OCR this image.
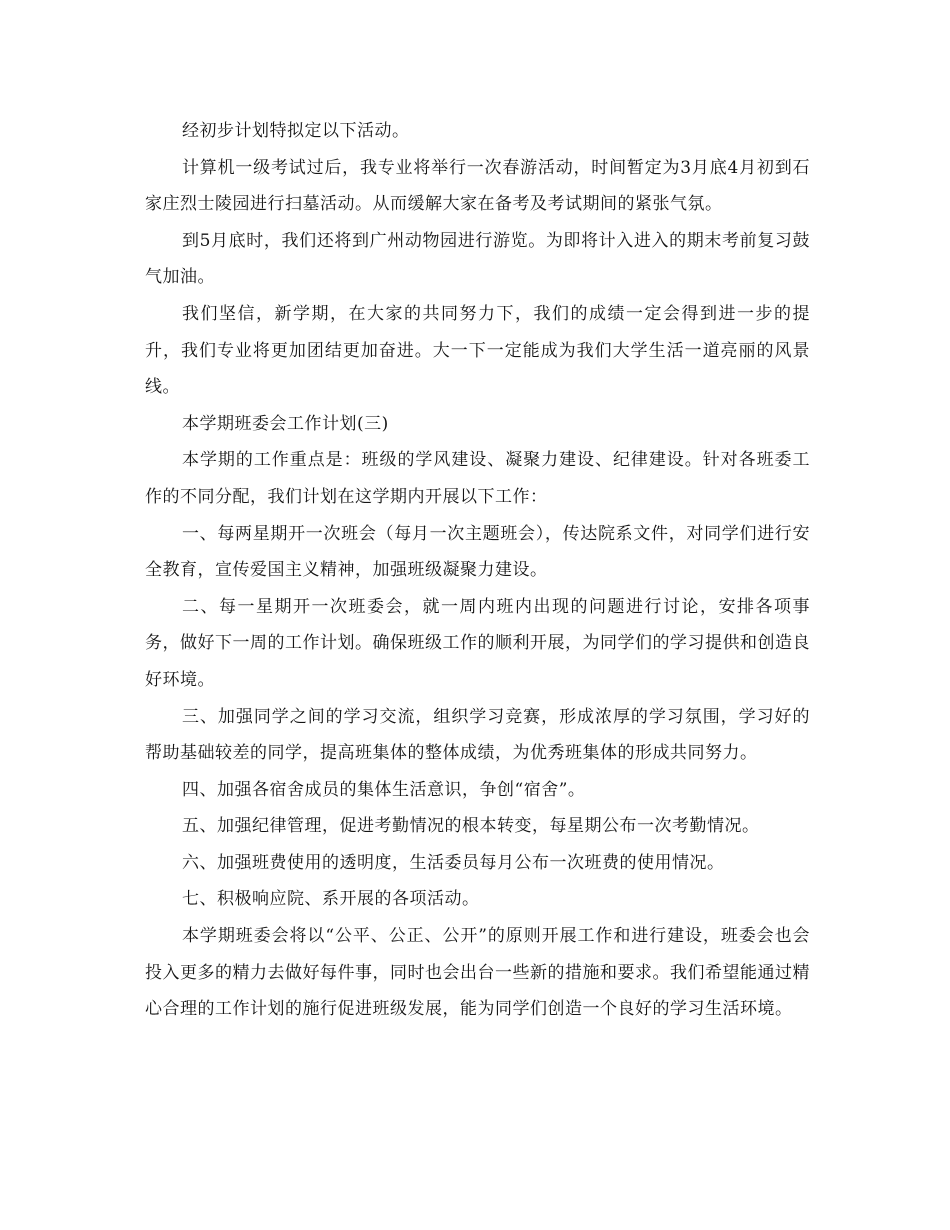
经初步计划特拟定以下活动。

计算机一级考试过后，我专业将举行一次春游活动，时间暂定为3月底4月初到石家庄烈士陵园进行扫墓活动。从而缓解大家在备考及考试期间的紧张气氛。

到5月底时，我们还将到广州动物园进行游览。为即将计入进入的期末考前复习鼓气加油。

我们坚信，新学期，在大家的共同努力下，我们的成绩一定会得到进一步的提升，我们专业将更加团结更加奋进。大一下一定能成为我们大学生活一道亮丽的风景线。

本学期班委会工作计划(三)

本学期的工作重点是：班级的学风建设、凝聚力建设、纪律建设。针对各班委工作的不同分配，我们计划在这学期内开展以下工作：

一、每两星期开一次班会（每月一次主题班会），传达院系文件，对同学们进行安全教育，宣传爱国主义精神，加强班级凝聚力建设。

二、每一星期开一次班委会，就一周内班内出现的问题进行讨论，安排各项事务，做好下一周的工作计划。确保班级工作的顺利开展，为同学们的学习提供和创造良好环境。

三、加强同学之间的学习交流，组织学习竞赛，形成浓厚的学习氛围，学习好的帮助基础较差的同学，提高班集体的整体成绩，为优秀班集体的形成共同努力。

四、加强各宿舍成员的集体生活意识，争创“宿舍”。

五、加强纪律管理，促进考勤情况的根本转变，每星期公布一次考勤情况。

六、加强班费使用的透明度，生活委员每月公布一次班费的使用情况。

七、积极响应院、系开展的各项活动。

本学期班委会将以“公平、公正、公开”的原则开展工作和进行建设，班委会也会投入更多的精力去做好每件事，同时也会出台一些新的措施和要求。我们希望能通过精心合理的工作计划的施行促进班级发展，能为同学们创造一个良好的学习生活环境。
